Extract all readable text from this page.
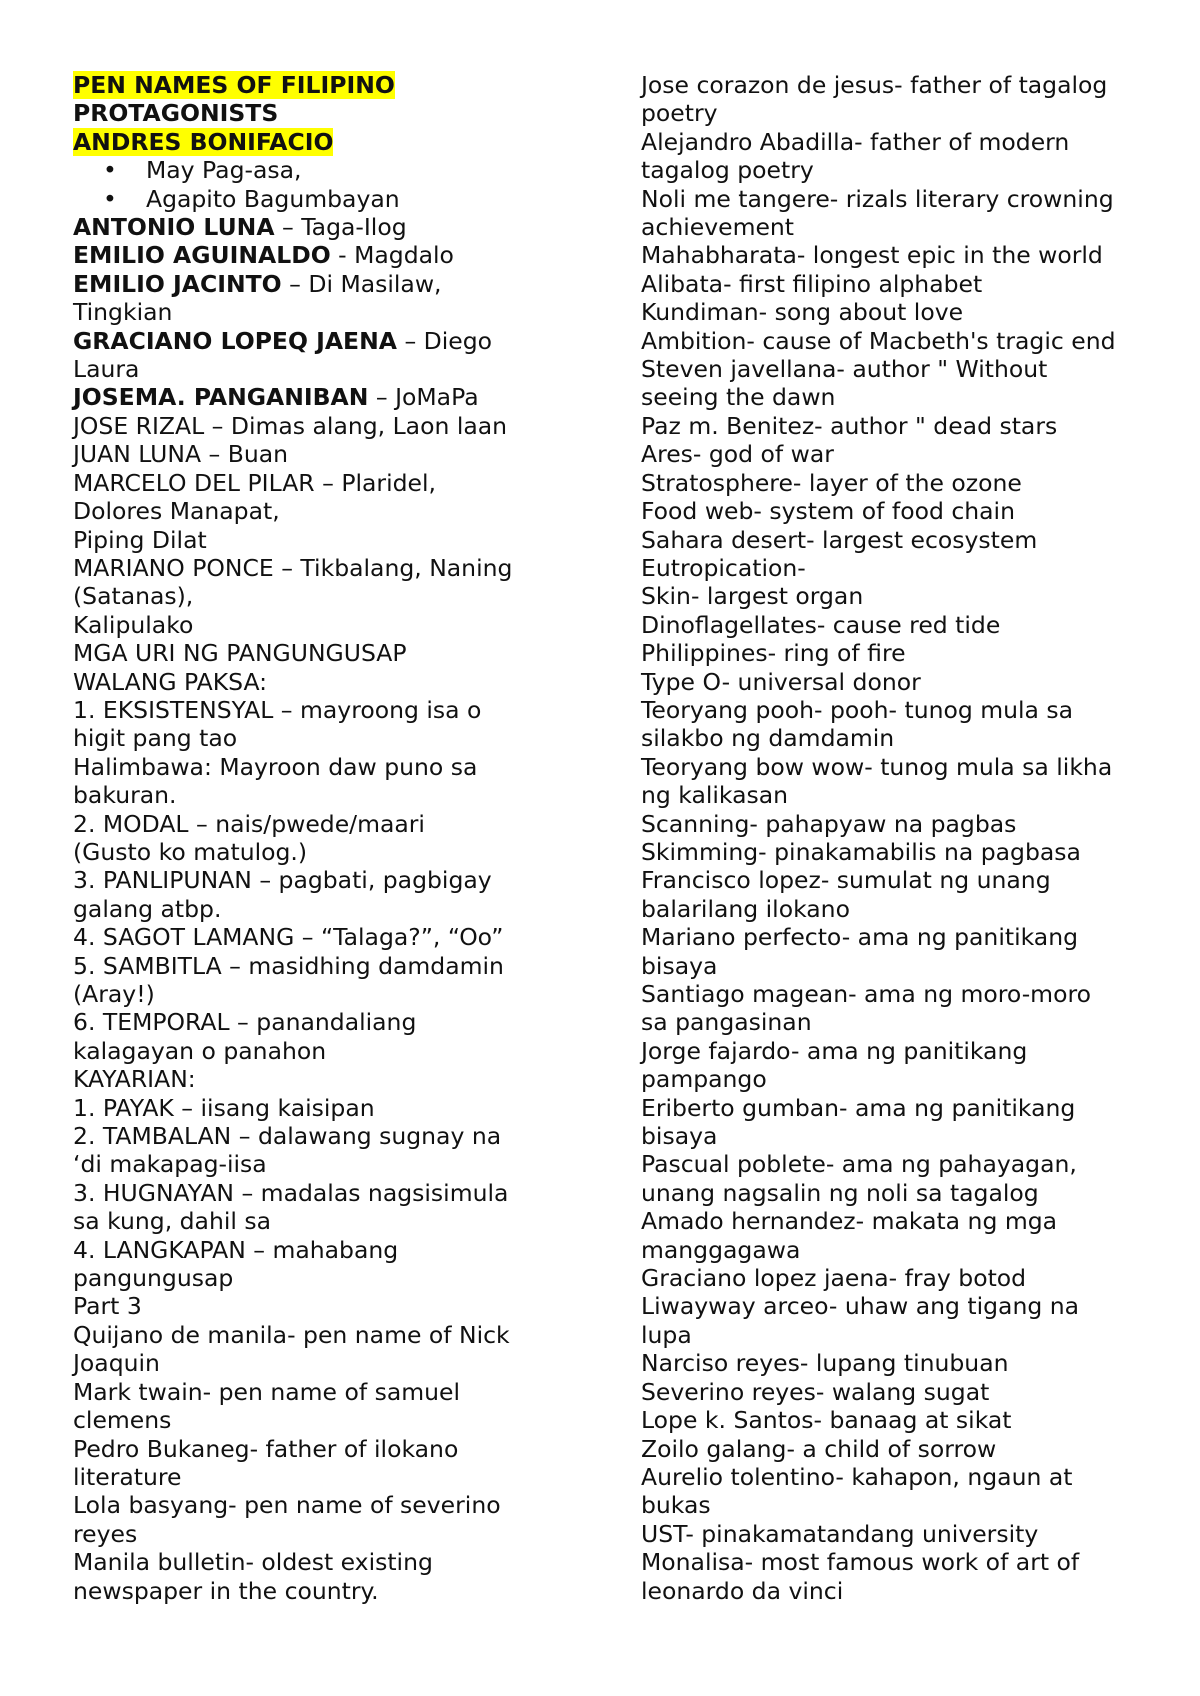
PEN NAMES OF FILIPINO
PROTAGONISTS
ANDRES BONIFACIO
• May Pag-asa,
• Agapito Bagumbayan
ANTONIO LUNA – Taga-Ilog
EMILIO AGUINALDO - Magdalo
EMILIO JACINTO – Di Masilaw,
Tingkian
GRACIANO LOPEQ JAENA – Diego
Laura
JOSEMA. PANGANIBAN – JoMaPa
JOSE RIZAL – Dimas alang, Laon laan
JUAN LUNA – Buan
MARCELO DEL PILAR – Plaridel,
Dolores Manapat,
Piping Dilat
MARIANO PONCE – Tikbalang, Naning
(Satanas),
Kalipulako
MGA URI NG PANGUNGUSAP
WALANG PAKSA:
1. EKSISTENSYAL – mayroong isa o
higit pang tao
Halimbawa: Mayroon daw puno sa
bakuran.
2. MODAL – nais/pwede/maari
(Gusto ko matulog.)
3. PANLIPUNAN – pagbati, pagbigay
galang atbp.
4. SAGOT LAMANG – “Talaga?”, “Oo”
5. SAMBITLA – masidhing damdamin
(Aray!)
6. TEMPORAL – panandaliang
kalagayan o panahon
KAYARIAN:
1. PAYAK – iisang kaisipan
2. TAMBALAN – dalawang sugnay na
‘di makapag-iisa
3. HUGNAYAN – madalas nagsisimula
sa kung, dahil sa
4. LANGKAPAN – mahabang
pangungusap
Part 3
Quijano de manila- pen name of Nick
Joaquin
Mark twain- pen name of samuel
clemens
Pedro Bukaneg- father of ilokano
literature
Lola basyang- pen name of severino
reyes
Manila bulletin- oldest existing
newspaper in the country.
Jose corazon de jesus- father of tagalog
poetry
Alejandro Abadilla- father of modern
tagalog poetry
Noli me tangere- rizals literary crowning
achievement
Mahabharata- longest epic in the world
Alibata- first filipino alphabet
Kundiman- song about love
Ambition- cause of Macbeth's tragic end
Steven javellana- author " Without
seeing the dawn
Paz m. Benitez- author " dead stars
Ares- god of war
Stratosphere- layer of the ozone
Food web- system of food chain
Sahara desert- largest ecosystem
Eutropication-
Skin- largest organ
Dinoflagellates- cause red tide
Philippines- ring of fire
Type O- universal donor
Teoryang pooh- pooh- tunog mula sa
silakbo ng damdamin
Teoryang bow wow- tunog mula sa likha
ng kalikasan
Scanning- pahapyaw na pagbas
Skimming- pinakamabilis na pagbasa
Francisco lopez- sumulat ng unang
balarilang ilokano
Mariano perfecto- ama ng panitikang
bisaya
Santiago magean- ama ng moro-moro
sa pangasinan
Jorge fajardo- ama ng panitikang
pampango
Eriberto gumban- ama ng panitikang
bisaya
Pascual poblete- ama ng pahayagan,
unang nagsalin ng noli sa tagalog
Amado hernandez- makata ng mga
manggagawa
Graciano lopez jaena- fray botod
Liwayway arceo- uhaw ang tigang na
lupa
Narciso reyes- lupang tinubuan
Severino reyes- walang sugat
Lope k. Santos- banaag at sikat
Zoilo galang- a child of sorrow
Aurelio tolentino- kahapon, ngaun at
bukas
UST- pinakamatandang university
Monalisa- most famous work of art of
leonardo da vinci
